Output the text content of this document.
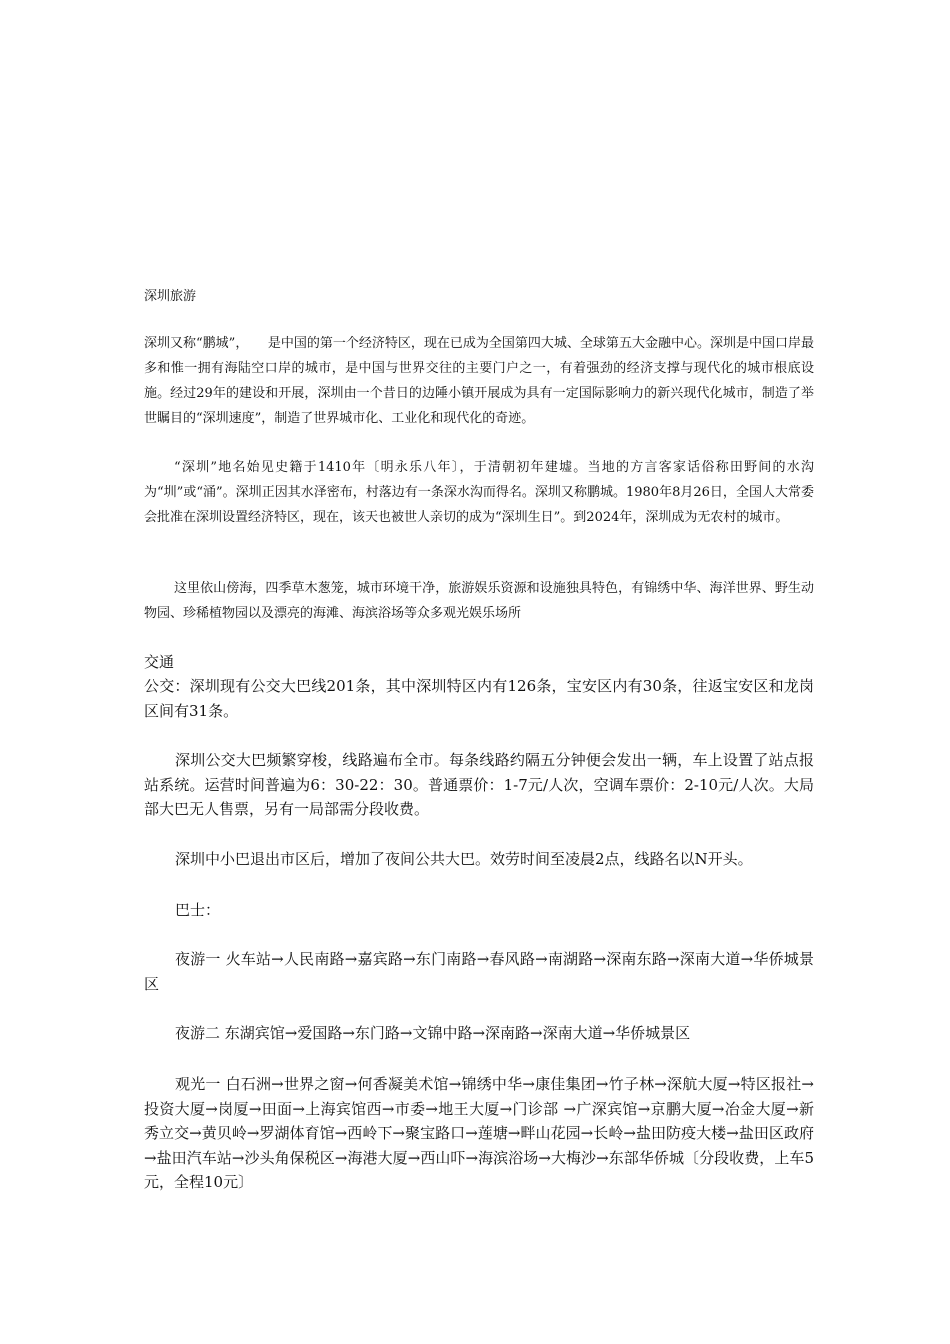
深圳旅游

深圳又称“鹏城”，　　是中国的第一个经济特区，现在已成为全国第四大城、全球第五大金融中心。深圳是中国口岸最多和惟一拥有海陆空口岸的城市，是中国与世界交往的主要门户之一，有着强劲的经济支撑与现代化的城市根底设施。经过29年的建设和开展，深圳由一个昔日的边陲小镇开展成为具有一定国际影响力的新兴现代化城市，制造了举世瞩目的“深圳速度”，制造了世界城市化、工业化和现代化的奇迹。

“深圳”地名始见史籍于1410年〔明永乐八年〕，于清朝初年建墟。当地的方言客家话俗称田野间的水沟为“圳”或“涌”。深圳正因其水泽密布，村落边有一条深水沟而得名。深圳又称鹏城。1980年8月26日，全国人大常委会批准在深圳设置经济特区，现在，该天也被世人亲切的成为“深圳生日”。到2024年，深圳成为无农村的城市。

这里依山傍海，四季草木葱笼，城市环境干净，旅游娱乐资源和设施独具特色，有锦绣中华、海洋世界、野生动物园、珍稀植物园以及漂亮的海滩、海滨浴场等众多观光娱乐场所

交通

公交：深圳现有公交大巴线201条，其中深圳特区内有126条，宝安区内有30条，往返宝安区和龙岗区间有31条。

深圳公交大巴频繁穿梭，线路遍布全市。每条线路约隔五分钟便会发出一辆，车上设置了站点报站系统。运营时间普遍为6：30-22：30。普通票价：1-7元/人次，空调车票价：2-10元/人次。大局部大巴无人售票，另有一局部需分段收费。

深圳中小巴退出市区后，增加了夜间公共大巴。效劳时间至凌晨2点，线路名以N开头。

巴士：

夜游一 火车站→人民南路→嘉宾路→东门南路→春风路→南湖路→深南东路→深南大道→华侨城景区

夜游二 东湖宾馆→爱国路→东门路→文锦中路→深南路→深南大道→华侨城景区

观光一 白石洲→世界之窗→何香凝美术馆→锦绣中华→康佳集团→竹子林→深航大厦→特区报社→投资大厦→岗厦→田面→上海宾馆西→市委→地王大厦→门诊部 →广深宾馆→京鹏大厦→冶金大厦→新秀立交→黄贝岭→罗湖体育馆→西岭下→聚宝路口→莲塘→畔山花园→长岭→盐田防疫大楼→盐田区政府→盐田汽车站→沙头角保税区→海港大厦→西山吓→海滨浴场→大梅沙→东部华侨城〔分段收费，上车5元，全程10元〕
